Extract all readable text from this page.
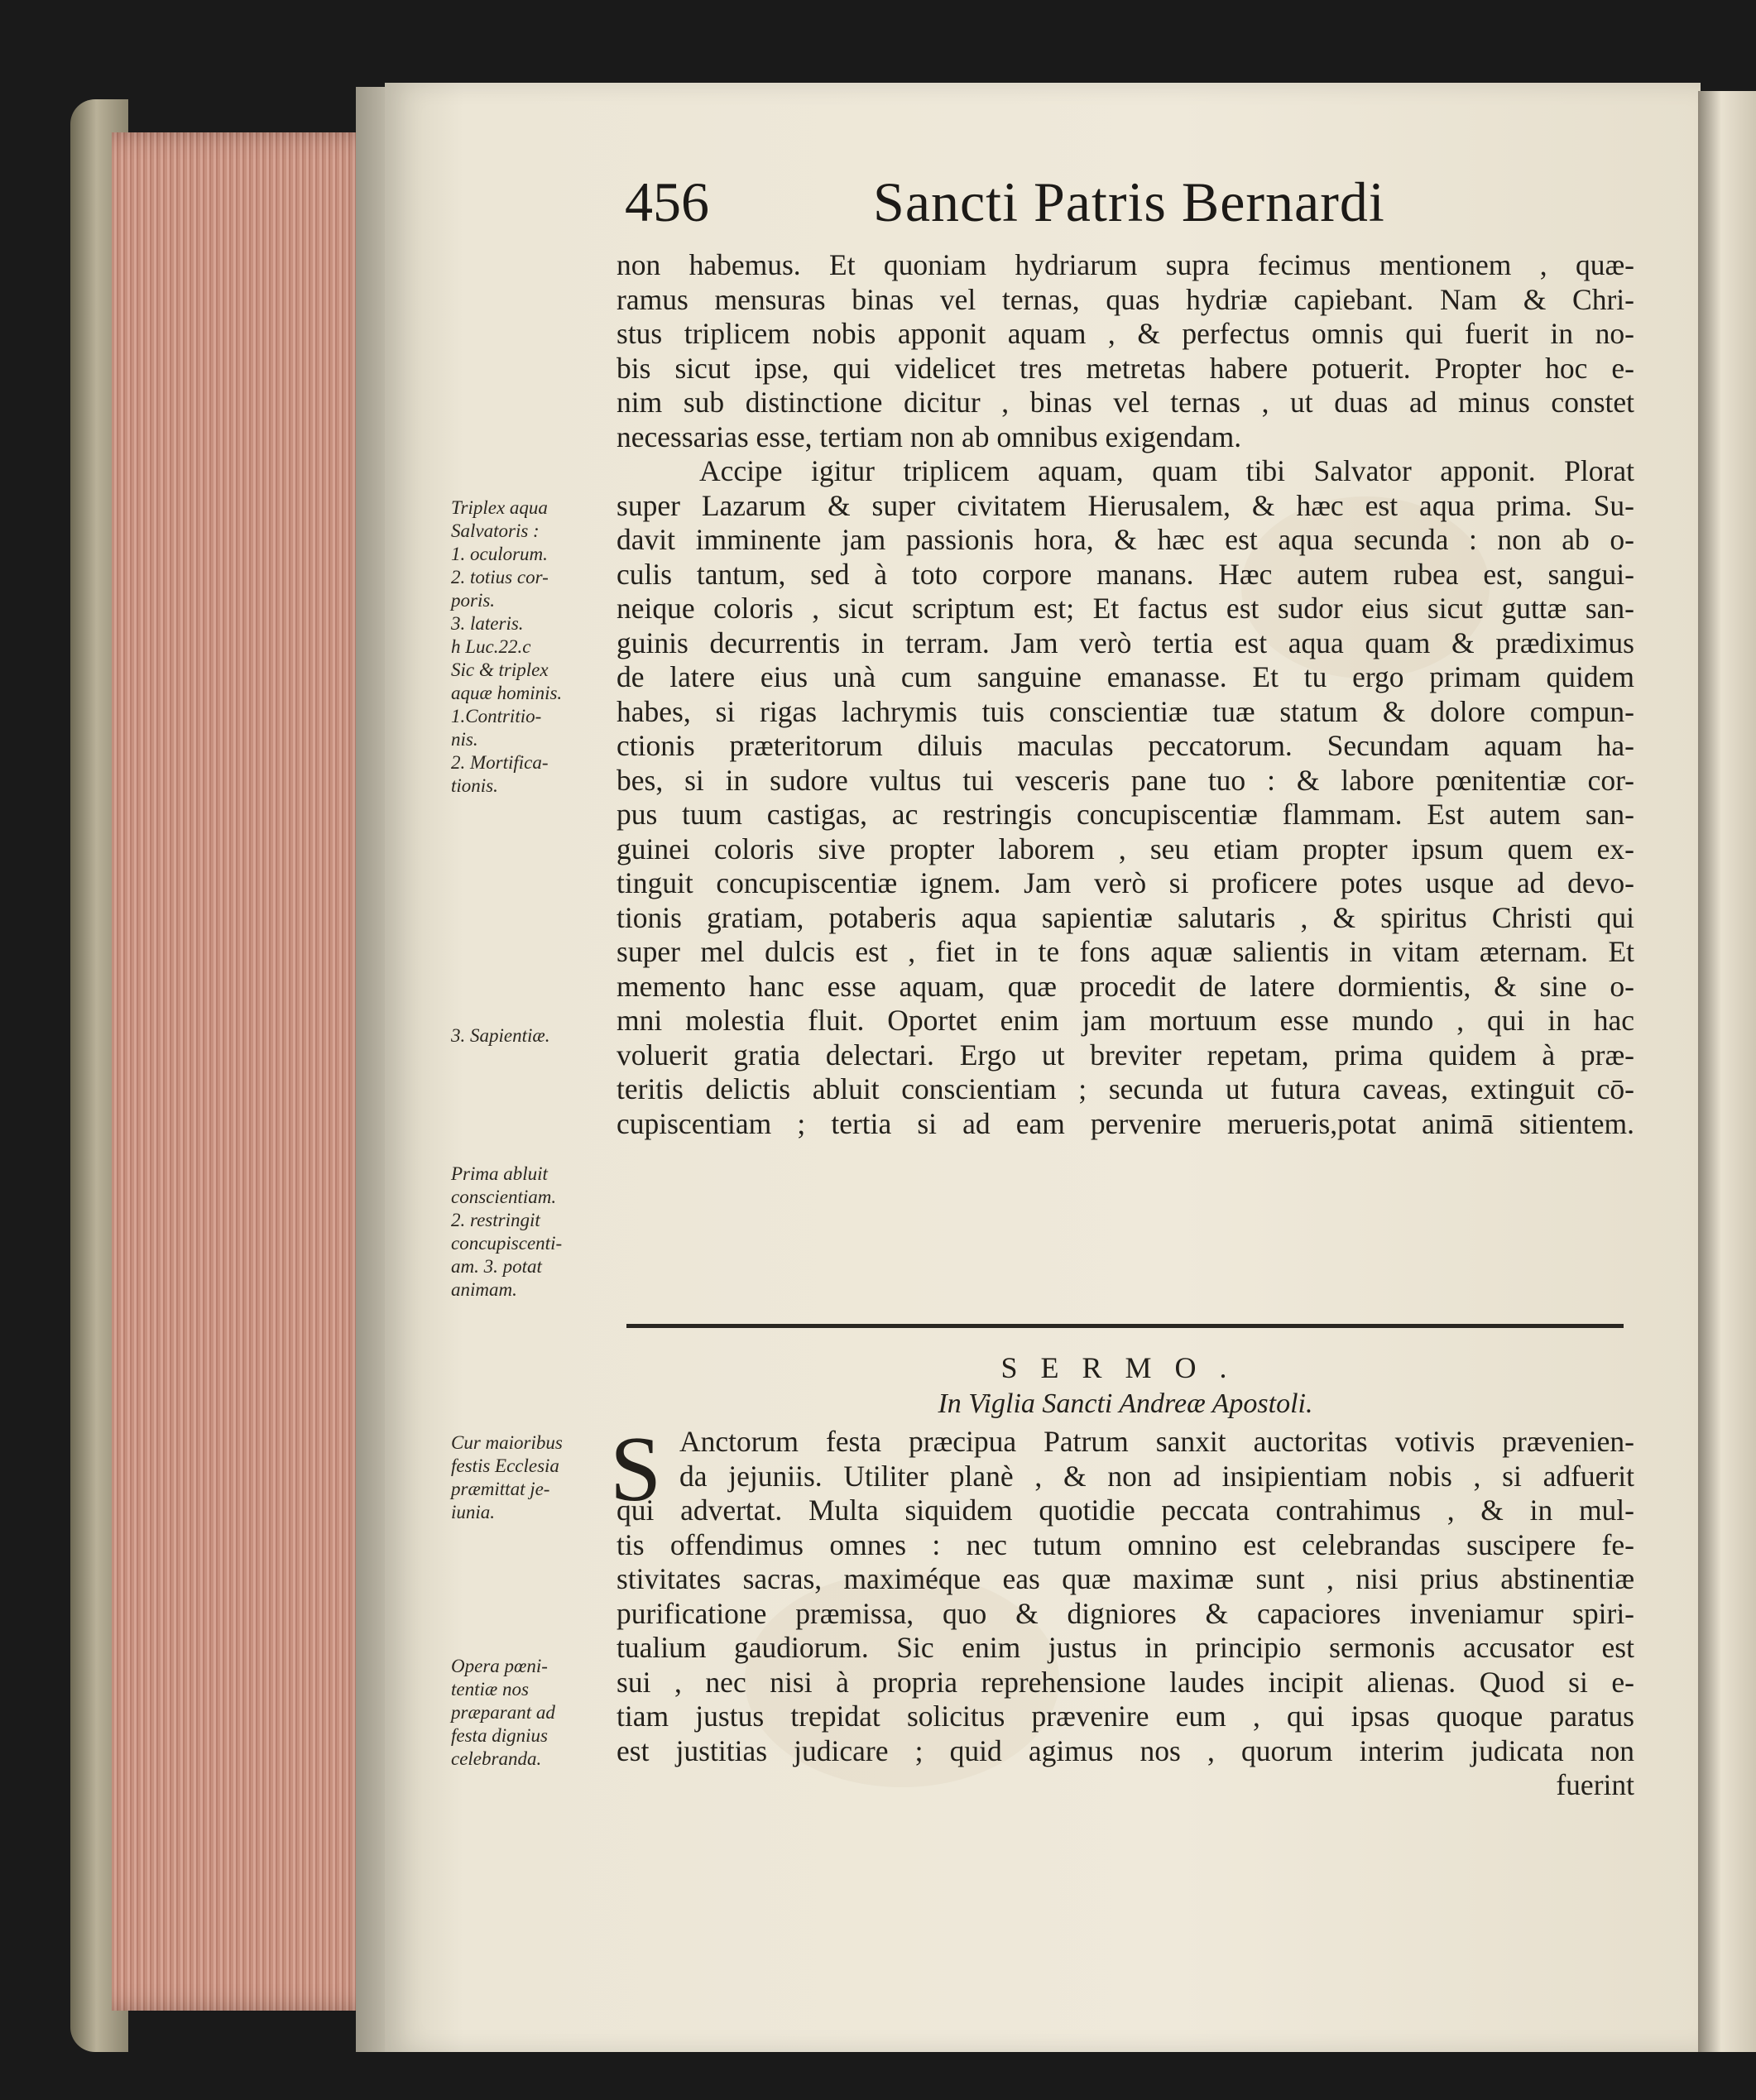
456	Sancti Patris Bernardi
non habemus. Et quoniam hydriarum supra fecimus mentionem , quæ-
ramus mensuras binas vel ternas, quas hydriæ capiebant. Nam & Chri-
stus triplicem nobis apponit aquam , & perfectus omnis qui fuerit in no-
bis sicut ipse, qui videlicet tres metretas habere potuerit. Propter hoc e-
nim sub distinctione dicitur , binas vel ternas , ut duas ad minus constet
necessarias esse, tertiam non ab omnibus exigendam.
Accipe igitur triplicem aquam, quam tibi Salvator apponit. Plorat
super Lazarum & super civitatem Hierusalem, & hæc est aqua prima. Su-
davit imminente jam passionis hora, & hæc est aqua secunda : non ab o-
culis tantum, sed à toto corpore manans. Hæc autem rubea est, sangui-
neique coloris , sicut scriptum est; Et factus est sudor eius sicut guttæ san-
guinis decurrentis in terram. Jam verò tertia est aqua quam & prædiximus
de latere eius unà cum sanguine emanasse. Et tu ergo primam quidem
habes, si rigas lachrymis tuis conscientiæ tuæ statum & dolore compun-
ctionis præteritorum diluis maculas peccatorum. Secundam aquam ha-
bes, si in sudore vultus tui vesceris pane tuo : & labore pœnitentiæ cor-
pus tuum castigas, ac restringis concupiscentiæ flammam. Est autem san-
guinei coloris sive propter laborem , seu etiam propter ipsum quem ex-
tinguit concupiscentiæ ignem. Jam verò si proficere potes usque ad devo-
tionis gratiam, potaberis aqua sapientiæ salutaris , & spiritus Christi qui
super mel dulcis est , fiet in te fons aquæ salientis in vitam æternam. Et
memento hanc esse aquam, quæ procedit de latere dormientis, & sine o-
mni molestia fluit. Oportet enim jam mortuum esse mundo , qui in hac
voluerit gratia delectari. Ergo ut breviter repetam, prima quidem à præ-
teritis delictis abluit conscientiam ; secunda ut futura caveas, extinguit cō-
cupiscentiam ; tertia si ad eam pervenire merueris,potat animā sitientem.
SERMO.
In Viglia Sancti Andreæ Apostoli.
S Anctorum festa præcipua Patrum sanxit auctoritas votivis prævenien-
da jejuniis. Utiliter planè , & non ad insipientiam nobis , si adfuerit
qui advertat. Multa siquidem quotidie peccata contrahimus , & in mul-
tis offendimus omnes : nec tutum omnino est celebrandas suscipere fe-
stivitates sacras, maximéque eas quæ maximæ sunt , nisi prius abstinentiæ
purificatione præmissa, quo & digniores & capaciores inveniamur spiri-
tualium gaudiorum. Sic enim justus in principio sermonis accusator est
sui , nec nisi à propria reprehensione laudes incipit alienas. Quod si e-
tiam justus trepidat solicitus prævenire eum , qui ipsas quoque paratus
est justitias judicare ; quid agimus nos , quorum interim judicata non
fuerint
Triplex aqua
Salvatoris :
1. oculorum.
2. totius cor-
poris.
3. lateris.
h Luc.22.c
Sic & triplex
aquæ hominis.
1.Contritio-
nis.
2. Mortifica-
tionis.
3. Sapientiæ.
Prima abluit
conscientiam.
2. restringit
concupiscenti-
am. 3. potat
animam.
Cur maioribus
festis Ecclesia
præmittat je-
iunia.
Opera pœni-
tentiæ nos
præparant ad
festa dignius
celebranda.
